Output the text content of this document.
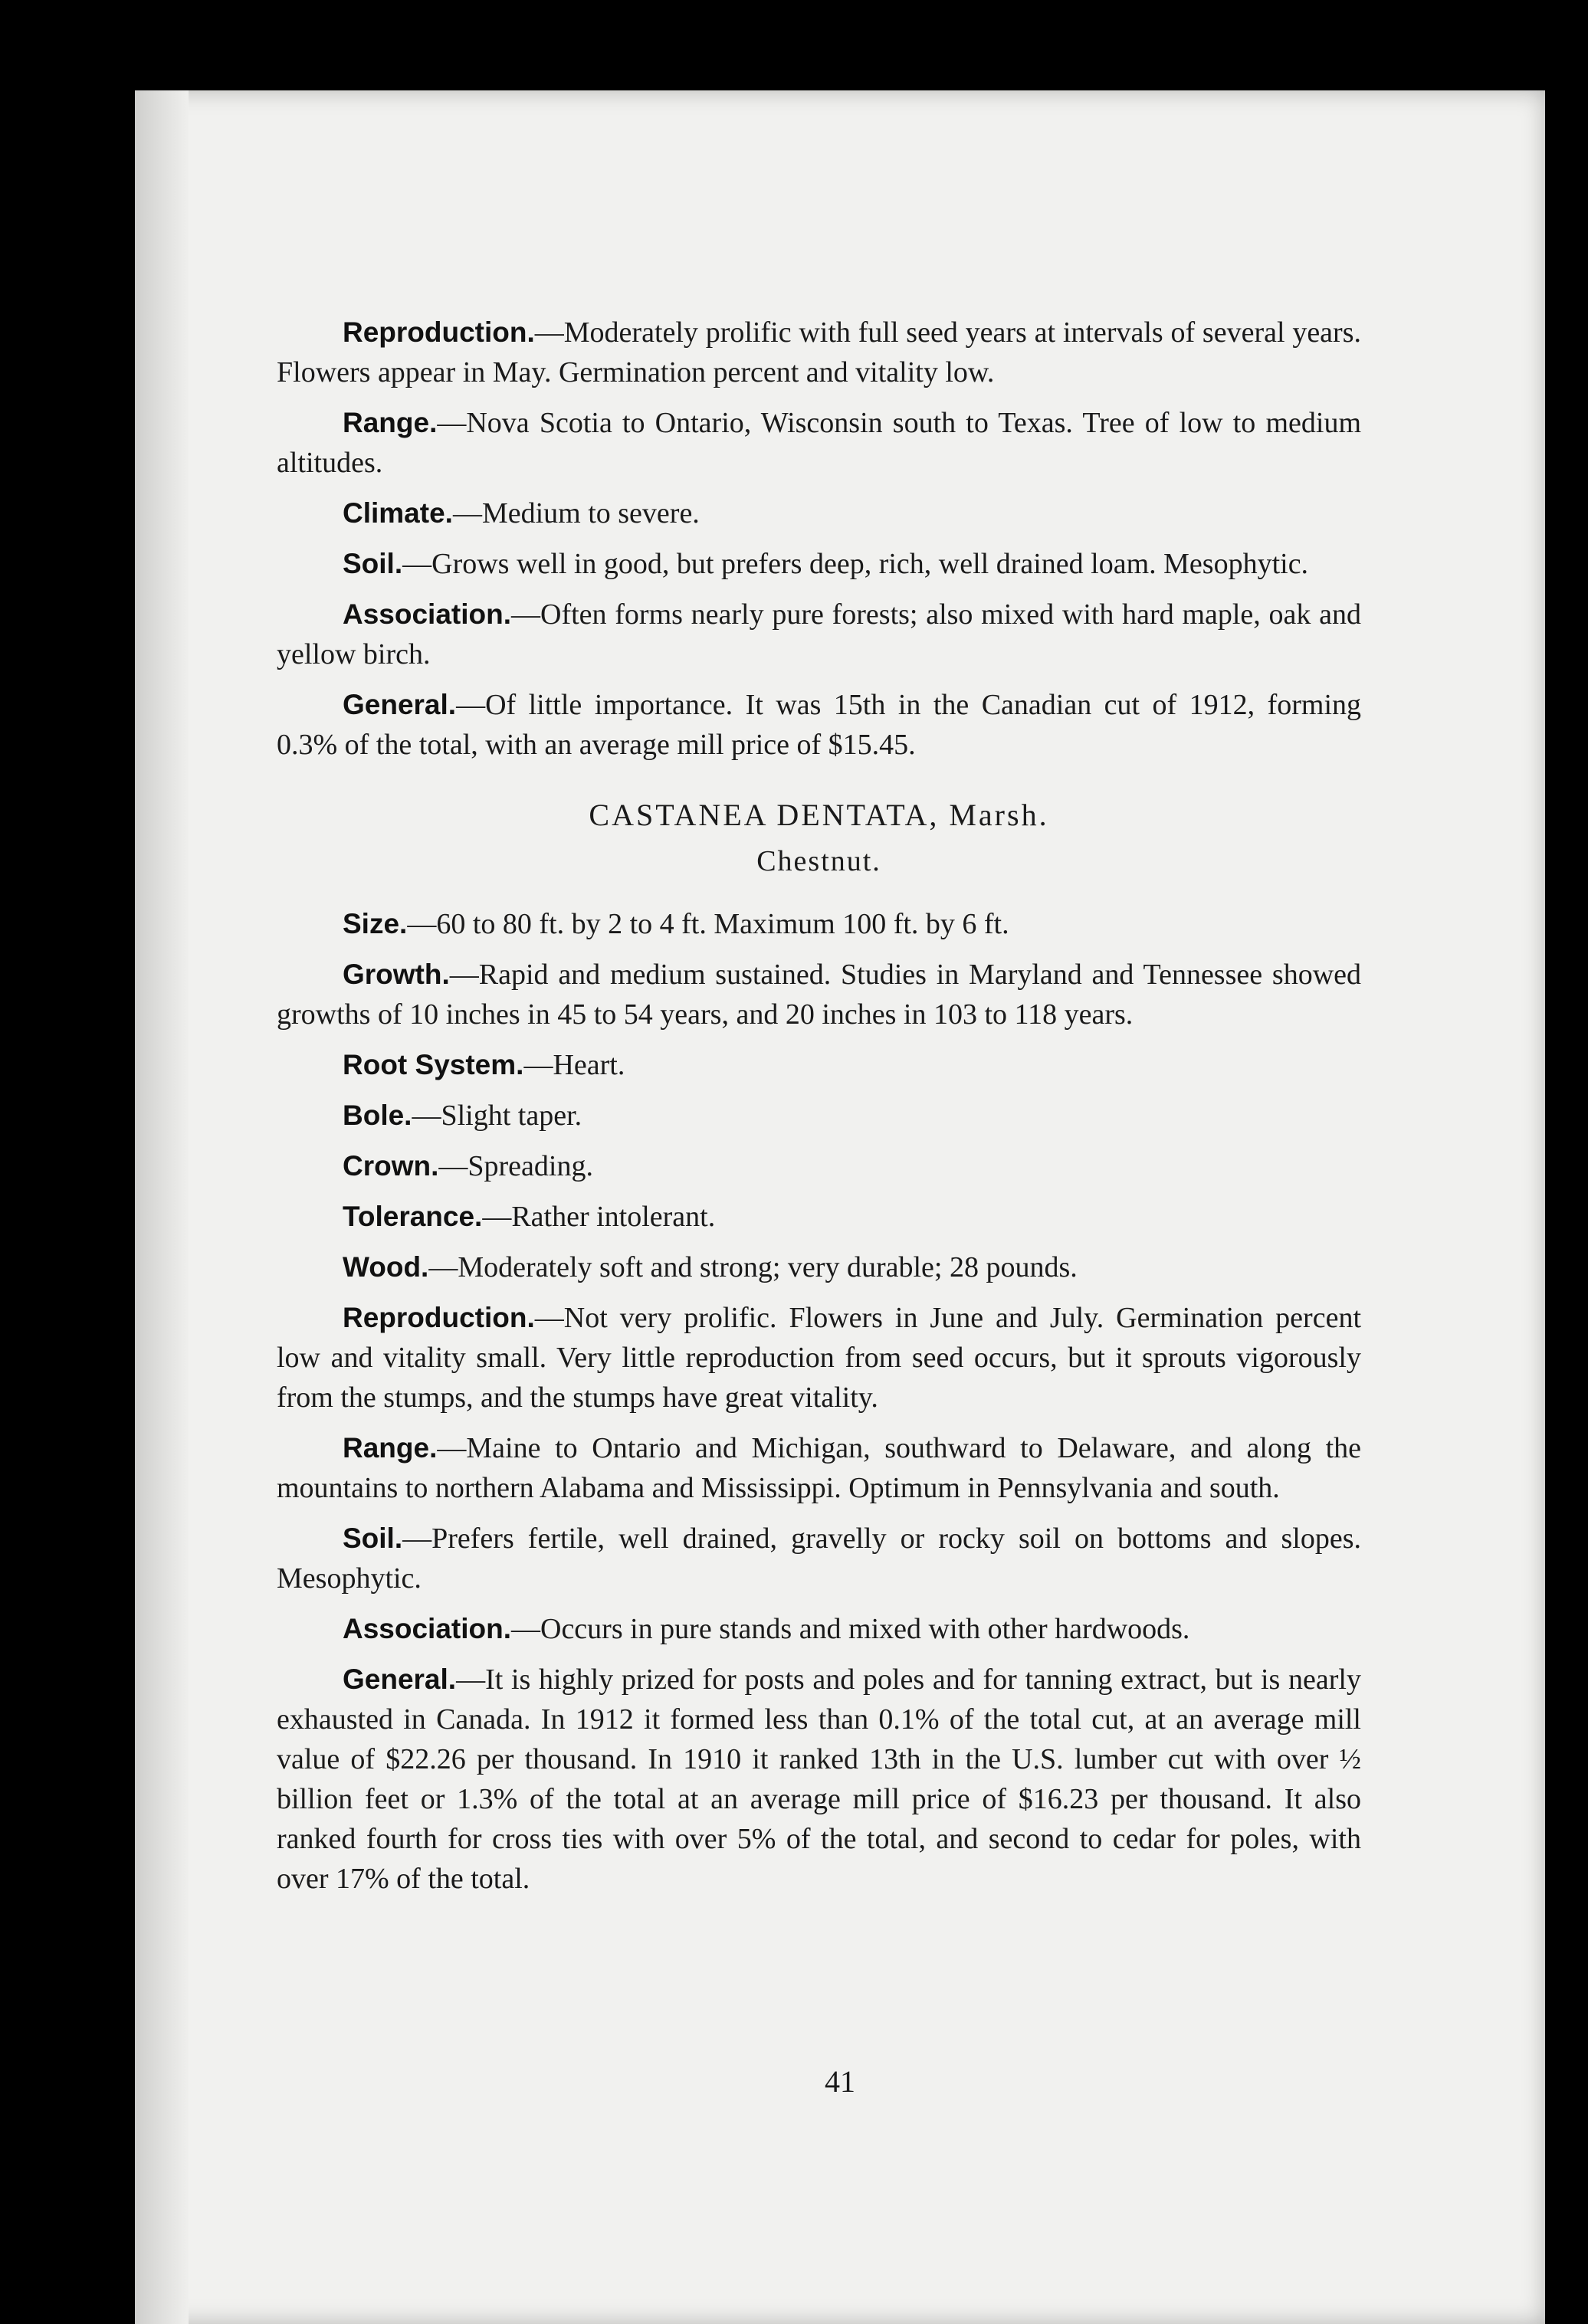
Reproduction.—Moderately prolific with full seed years at intervals of several years. Flowers appear in May. Germination percent and vitality low.

Range.—Nova Scotia to Ontario, Wisconsin south to Texas. Tree of low to medium altitudes.

Climate.—Medium to severe.

Soil.—Grows well in good, but prefers deep, rich, well drained loam. Mesophytic.

Association.—Often forms nearly pure forests; also mixed with hard maple, oak and yellow birch.

General.—Of little importance. It was 15th in the Canadian cut of 1912, forming 0.3% of the total, with an average mill price of $15.45.

CASTANEA DENTATA, Marsh.
Chestnut.

Size.—60 to 80 ft. by 2 to 4 ft. Maximum 100 ft. by 6 ft.

Growth.—Rapid and medium sustained. Studies in Maryland and Tennessee showed growths of 10 inches in 45 to 54 years, and 20 inches in 103 to 118 years.

Root System.—Heart.

Bole.—Slight taper.

Crown.—Spreading.

Tolerance.—Rather intolerant.

Wood.—Moderately soft and strong; very durable; 28 pounds.

Reproduction.—Not very prolific. Flowers in June and July. Germination percent low and vitality small. Very little reproduction from seed occurs, but it sprouts vigorously from the stumps, and the stumps have great vitality.

Range.—Maine to Ontario and Michigan, southward to Delaware, and along the mountains to northern Alabama and Mississippi. Optimum in Pennsylvania and south.

Soil.—Prefers fertile, well drained, gravelly or rocky soil on bottoms and slopes. Mesophytic.

Association.—Occurs in pure stands and mixed with other hardwoods.

General.—It is highly prized for posts and poles and for tanning extract, but is nearly exhausted in Canada. In 1912 it formed less than 0.1% of the total cut, at an average mill value of $22.26 per thousand. In 1910 it ranked 13th in the U.S. lumber cut with over ½ billion feet or 1.3% of the total at an average mill price of $16.23 per thousand. It also ranked fourth for cross ties with over 5% of the total, and second to cedar for poles, with over 17% of the total.

41
